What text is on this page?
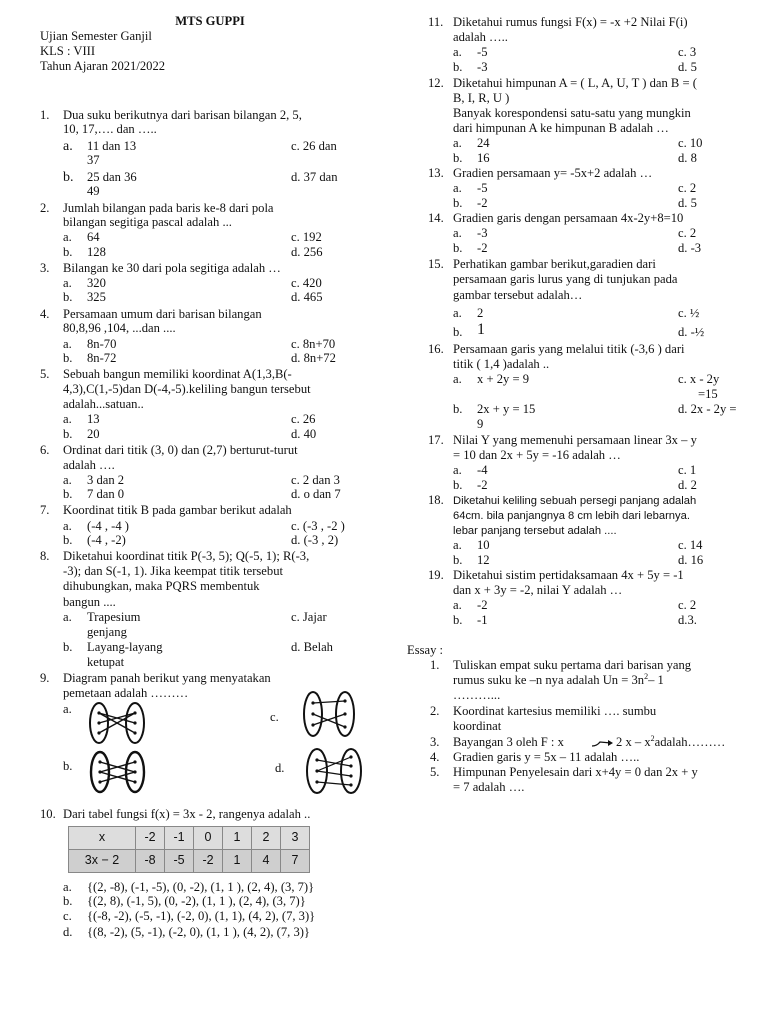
MTS GUPPI
Ujian Semester Ganjil
KLS : VIII
Tahun Ajaran 2021/2022
1. Dua suku berikutnya dari barisan bilangan 2, 5,
10, 17,…. dan …..
a. 11 dan 13	c. 26 dan
37
b. 25 dan 36	d. 37 dan
49
2. Jumlah bilangan pada baris ke-8 dari pola
bilangan segitiga pascal adalah ...
a. 64	c. 192
b. 128	d. 256
3. Bilangan ke 30 dari pola segitiga adalah …
a. 320	c. 420
b. 325	d. 465
4. Persamaan umum dari barisan bilangan
80,8,96 ,104, ...dan ....
a. 8n-70	c. 8n+70
b. 8n-72	d. 8n+72
5. Sebuah bangun memiliki koordinat A(1,3,B(-
4,3),C(1,-5)dan D(-4,-5).keliling bangun tersebut
adalah...satuan..
a. 13	c. 26
b. 20	d. 40
6. Ordinat dari titik (3, 0) dan (2,7) berturut-turut
adalah ….
a. 3 dan 2	c. 2 dan 3
b. 7 dan 0	d. o dan 7
7. Koordinat titik B pada gambar berikut adalah
a. (-4 , -4 )	c. (-3 , -2 )
b. (-4 , -2)	d. (-3 , 2)
8. Diketahui koordinat titik P(-3, 5); Q(-5, 1); R(-3,
-3); dan S(-1, 1). Jika keempat titik tersebut
dihubungkan, maka PQRS membentuk
bangun ....
a. Trapesium	c. Jajar
genjang
b. Layang-layang	d. Belah
ketupat
9. Diagram panah berikut yang menyatakan
pemetaan adalah ………
a.
c.
b.	d.
10. Dari tabel fungsi f(x) = 3x - 2, rangenya adalah ..
x	-2	-1	0	1	2	3
3x − 2	-8	-5	-2	1	4	7
a. {(2, -8), (-1, -5), (0, -2), (1, 1 ), (2, 4), (3, 7)}
b. {(2, 8), (-1, 5), (0, -2), (1, 1 ), (2, 4), (3, 7)}
c. {(-8, -2), (-5, -1), (-2, 0), (1, 1), (4, 2), (7, 3)}
d. {(8, -2), (5, -1), (-2, 0), (1, 1 ), (4, 2), (7, 3)}
11. Diketahui rumus fungsi F(x) = -x +2 Nilai F(i)
adalah …..
a. -5	c. 3
b. -3	d. 5
12. Diketahui himpunan A = ( L, A, U, T ) dan B = (
B, I, R, U )
Banyak korespondensi satu-satu yang mungkin
dari himpunan A ke himpunan B adalah …
a. 24	c. 10
b. 16	d. 8
13. Gradien persamaan y= -5x+2 adalah …
a. -5	c. 2
b. -2	d. 5
14. Gradien garis dengan persamaan 4x-2y+8=10
a. -3	c. 2
b. -2	d. -3
15. Perhatikan gambar berikut,garadien dari
persamaan garis lurus yang di tunjukan pada
gambar tersebut adalah…
a. 2	c. ½
b. 1	d. -½
16. Persamaan garis yang melalui titik (-3,6 ) dari
titik ( 1,4 )adalah ..
a. x + 2y = 9	c. x - 2y
=15
b. 2x + y = 15	d. 2x - 2y =
9
17. Nilai Y yang memenuhi persamaan linear 3x – y
= 10 dan 2x + 5y = -16 adalah …
a. -4	c. 1
b. -2	d. 2
18. Diketahui keliling sebuah persegi panjang adalah
64cm. bila panjangnya 8 cm lebih dari lebarnya.
lebar panjang tersebut adalah ....
a. 10	c. 14
b. 12	d. 16
19. Diketahui sistim pertidaksamaan 4x + 5y = -1
dan x + 3y = -2, nilai Y adalah …
a. -2	c. 2
b. -1	d.3.
Essay :
1. Tuliskan empat suku pertama dari barisan yang
rumus suku ke –n nya adalah $Un = 3n^2-$ 1
………...
2. Koordinat kartesius memiliki …. sumbu
koordinat
3. Bayangan 3 oleh F : x	2 x – $x^2adalah\dots\dots\dots$
4. Gradien garis y = 5x – 11 adalah …..
5. Himpunan Penyelesain dari x+4y = 0 dan 2x + y
= 7 adalah ….
